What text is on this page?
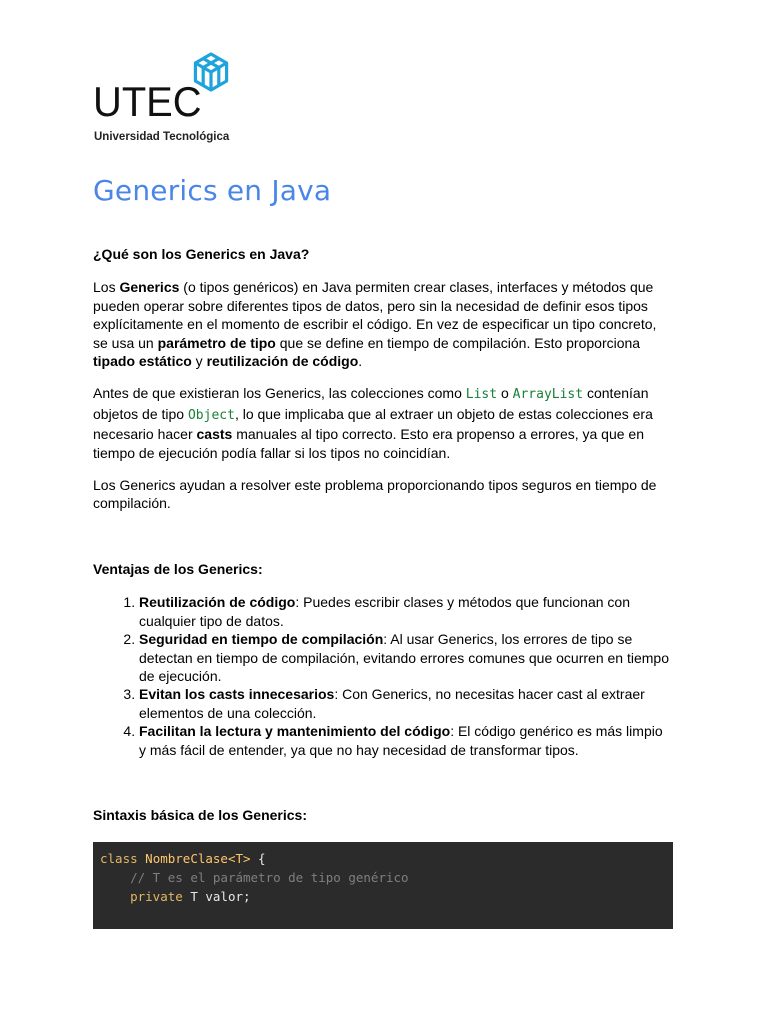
UTEC
Universidad Tecnológica
Generics en Java

¿Qué son los Generics en Java?

Los Generics (o tipos genéricos) en Java permiten crear clases, interfaces y métodos que pueden operar sobre diferentes tipos de datos, pero sin la necesidad de definir esos tipos explícitamente en el momento de escribir el código. En vez de especificar un tipo concreto, se usa un parámetro de tipo que se define en tiempo de compilación. Esto proporciona tipado estático y reutilización de código.

Antes de que existieran los Generics, las colecciones como List o ArrayList contenían objetos de tipo Object, lo que implicaba que al extraer un objeto de estas colecciones era necesario hacer casts manuales al tipo correcto. Esto era propenso a errores, ya que en tiempo de ejecución podía fallar si los tipos no coincidían.

Los Generics ayudan a resolver este problema proporcionando tipos seguros en tiempo de compilación.

Ventajas de los Generics:

1. Reutilización de código: Puedes escribir clases y métodos que funcionan con cualquier tipo de datos.
2. Seguridad en tiempo de compilación: Al usar Generics, los errores de tipo se detectan en tiempo de compilación, evitando errores comunes que ocurren en tiempo de ejecución.
3. Evitan los casts innecesarios: Con Generics, no necesitas hacer cast al extraer elementos de una colección.
4. Facilitan la lectura y mantenimiento del código: El código genérico es más limpio y más fácil de entender, ya que no hay necesidad de transformar tipos.

Sintaxis básica de los Generics:

class NombreClase<T> {
// T es el parámetro de tipo genérico
private T valor;
